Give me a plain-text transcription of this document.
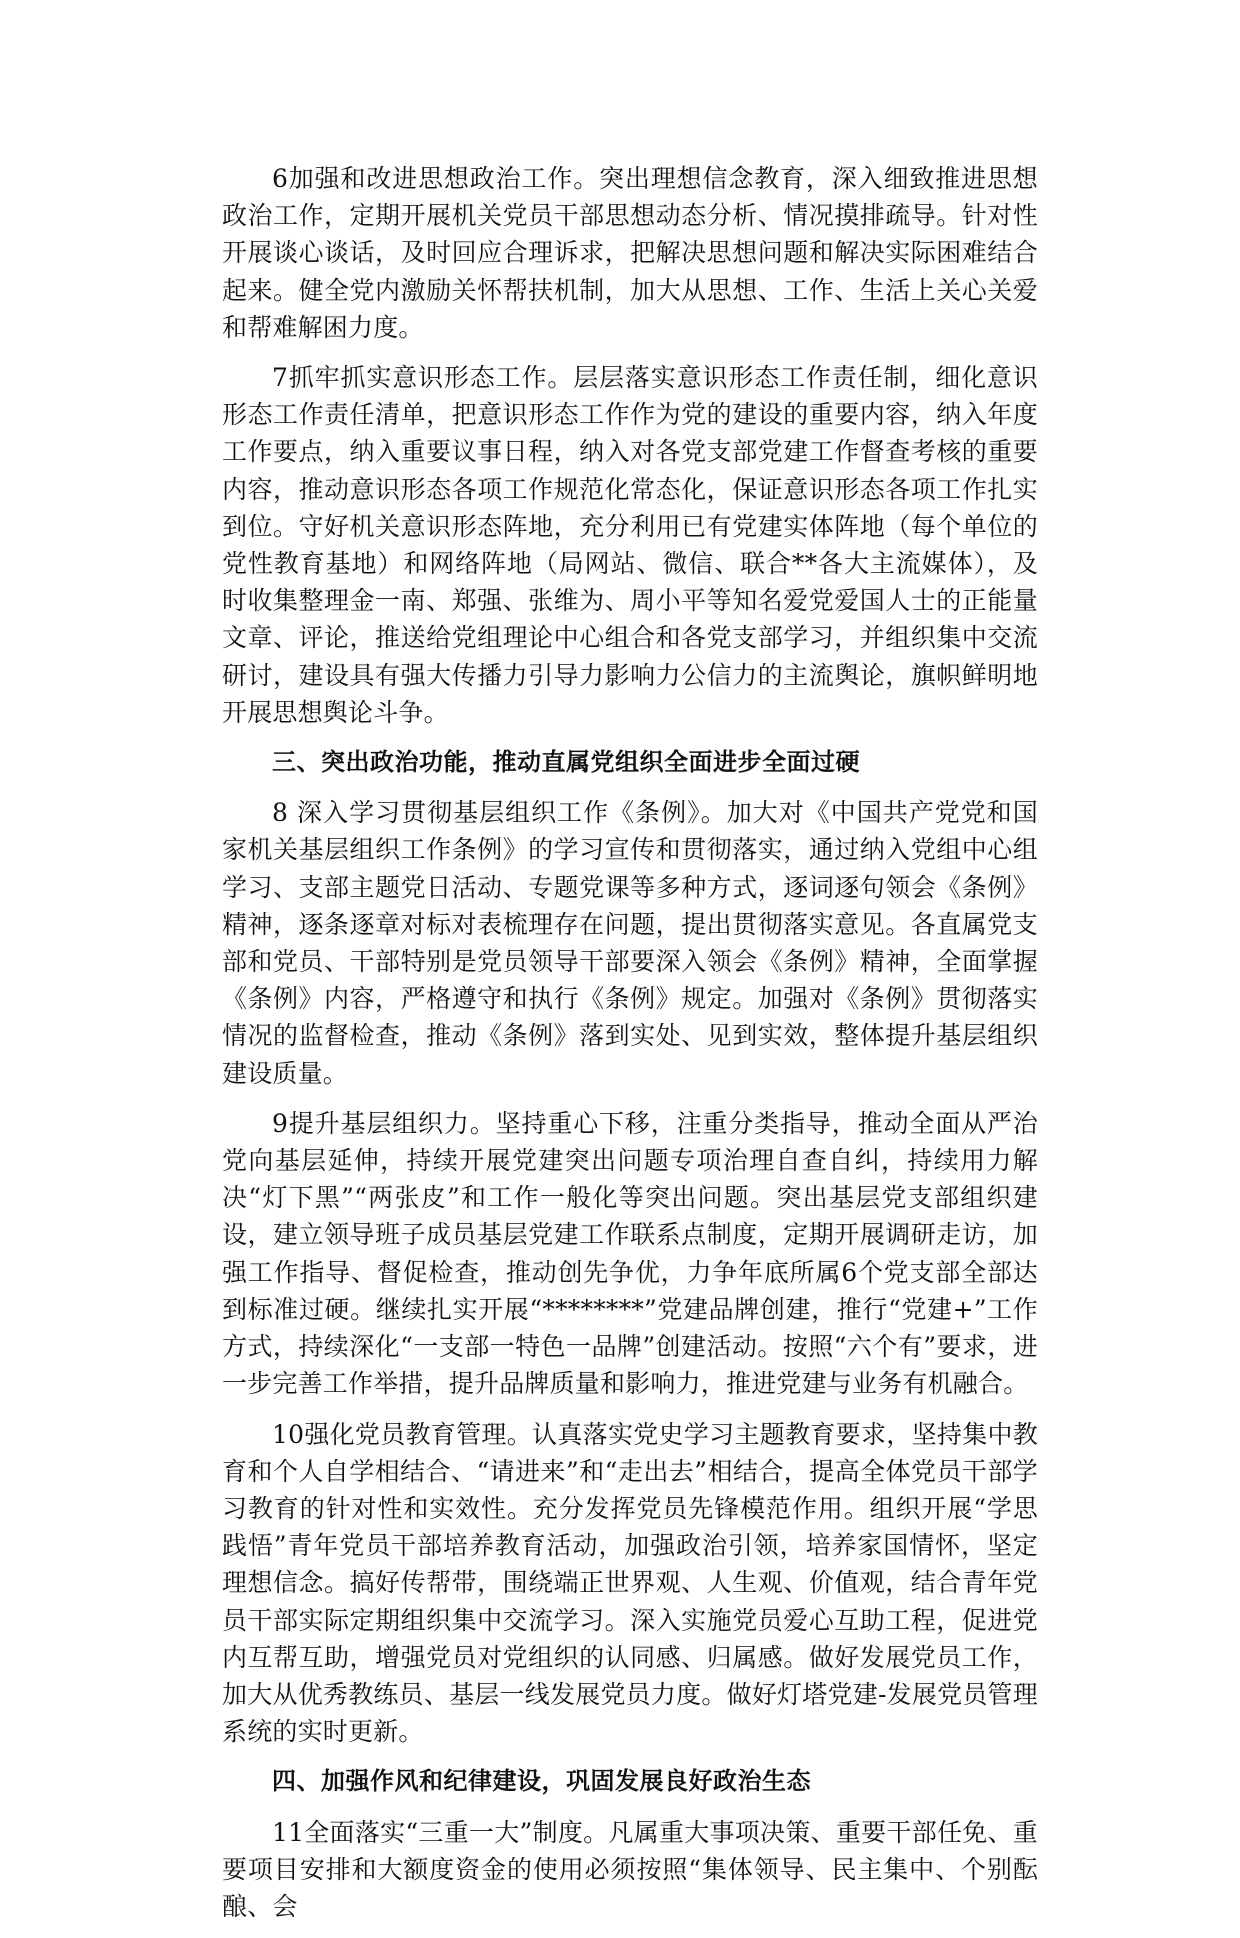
6加强和改进思想政治工作。突出理想信念教育，深入细致推进思想政治工作，定期开展机关党员干部思想动态分析、情况摸排疏导。针对性开展谈心谈话，及时回应合理诉求，把解决思想问题和解决实际困难结合起来。健全党内激励关怀帮扶机制，加大从思想、工作、生活上关心关爱和帮难解困力度。

7抓牢抓实意识形态工作。层层落实意识形态工作责任制，细化意识形态工作责任清单，把意识形态工作作为党的建设的重要内容，纳入年度工作要点，纳入重要议事日程，纳入对各党支部党建工作督查考核的重要内容，推动意识形态各项工作规范化常态化，保证意识形态各项工作扎实到位。守好机关意识形态阵地，充分利用已有党建实体阵地（每个单位的党性教育基地）和网络阵地（局网站、微信、联合**各大主流媒体），及时收集整理金一南、郑强、张维为、周小平等知名爱党爱国人士的正能量文章、评论，推送给党组理论中心组合和各党支部学习，并组织集中交流研讨，建设具有强大传播力引导力影响力公信力的主流舆论，旗帜鲜明地开展思想舆论斗争。

三、突出政治功能，推动直属党组织全面进步全面过硬

8 深入学习贯彻基层组织工作《条例》。加大对《中国共产党党和国家机关基层组织工作条例》的学习宣传和贯彻落实，通过纳入党组中心组学习、支部主题党日活动、专题党课等多种方式，逐词逐句领会《条例》精神，逐条逐章对标对表梳理存在问题，提出贯彻落实意见。各直属党支部和党员、干部特别是党员领导干部要深入领会《条例》精神，全面掌握《条例》内容，严格遵守和执行《条例》规定。加强对《条例》贯彻落实情况的监督检查，推动《条例》落到实处、见到实效，整体提升基层组织建设质量。

9提升基层组织力。坚持重心下移，注重分类指导，推动全面从严治党向基层延伸，持续开展党建突出问题专项治理自查自纠，持续用力解决“灯下黑”“两张皮”和工作一般化等突出问题。突出基层党支部组织建设，建立领导班子成员基层党建工作联系点制度，定期开展调研走访，加强工作指导、督促检查，推动创先争优，力争年底所属6个党支部全部达到标准过硬。继续扎实开展“********”党建品牌创建，推行“党建+”工作方式，持续深化“一支部一特色一品牌”创建活动。按照“六个有”要求，进一步完善工作举措，提升品牌质量和影响力，推进党建与业务有机融合。

10强化党员教育管理。认真落实党史学习主题教育要求，坚持集中教育和个人自学相结合、“请进来”和“走出去”相结合，提高全体党员干部学习教育的针对性和实效性。充分发挥党员先锋模范作用。组织开展“学思践悟”青年党员干部培养教育活动，加强政治引领，培养家国情怀，坚定理想信念。搞好传帮带，围绕端正世界观、人生观、价值观，结合青年党员干部实际定期组织集中交流学习。深入实施党员爱心互助工程，促进党内互帮互助，增强党员对党组织的认同感、归属感。做好发展党员工作，加大从优秀教练员、基层一线发展党员力度。做好灯塔党建-发展党员管理系统的实时更新。

四、加强作风和纪律建设，巩固发展良好政治生态

11全面落实“三重一大”制度。凡属重大事项决策、重要干部任免、重要项目安排和大额度资金的使用必须按照“集体领导、民主集中、个别酝酿、会
